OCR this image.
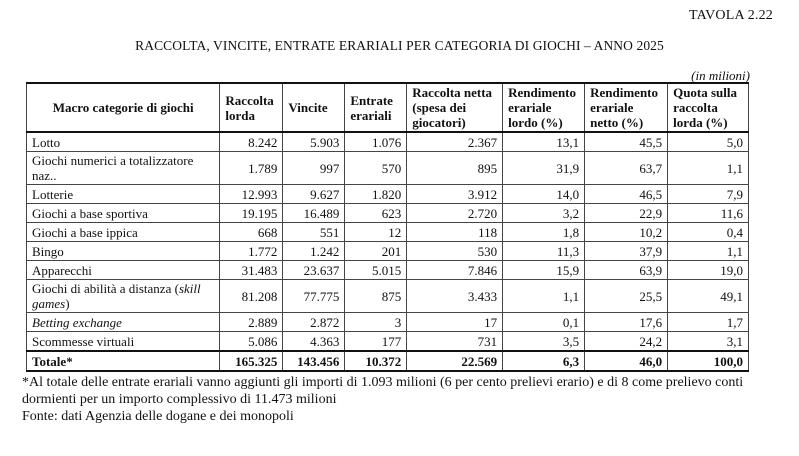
TAVOLA 2.22
RACCOLTA, VINCITE, ENTRATE ERARIALI PER CATEGORIA DI GIOCHI – ANNO 2025
(in milioni)
Macro categorie di giochi	Raccolta lorda	Vincite	Entrate erariali	Raccolta netta (spesa dei giocatori)	Rendimento erariale lordo (%)	Rendimento erariale netto (%)	Quota sulla raccolta lorda (%)
Lotto	8.242	5.903	1.076	2.367	13,1	45,5	5,0
Giochi numerici a totalizzatore naz..	1.789	997	570	895	31,9	63,7	1,1
Lotterie	12.993	9.627	1.820	3.912	14,0	46,5	7,9
Giochi a base sportiva	19.195	16.489	623	2.720	3,2	22,9	11,6
Giochi a base ippica	668	551	12	118	1,8	10,2	0,4
Bingo	1.772	1.242	201	530	11,3	37,9	1,1
Apparecchi	31.483	23.637	5.015	7.846	15,9	63,9	19,0
Giochi di abilità a distanza (skill games)	81.208	77.775	875	3.433	1,1	25,5	49,1
Betting exchange	2.889	2.872	3	17	0,1	17,6	1,7
Scommesse virtuali	5.086	4.363	177	731	3,5	24,2	3,1
Totale*	165.325	143.456	10.372	22.569	6,3	46,0	100,0
*Al totale delle entrate erariali vanno aggiunti gli importi di 1.093 milioni (6 per cento prelievi erario) e di 8 come prelievo conti dormienti per un importo complessivo di 11.473 milioni
Fonte: dati Agenzia delle dogane e dei monopoli
